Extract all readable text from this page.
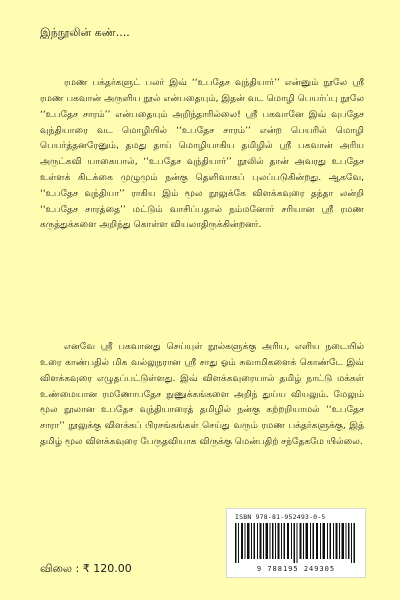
இந்நூலின் கண்....

ரமண பக்தர்களுட் பலர் இவ் ‘‘உபதேச வுந்தியார்’’ என்னும் நூலே ஸ்ரீ ரமண பகவான் அருளிய நூல் என்பதையும், இதன் வட மொழி பெயர்ப்பு நூலே ‘‘உபதேச சாரம்’’ என்பதையும் அறிந்தாரில்லை! ஸ்ரீ பகவானே இவ் வுபதேச வுந்தியாரை வட மொழியில் ‘‘உபதேச சாரம்’’ என்ற பெயரில் மொழி பெயர்த்தனரேனும், தமது தாய் மொழியாகிய தமிழில் ஸ்ரீ பகவான் அரிய அருட்கவி யாகையால், ‘‘உபதேச வுந்தியார்’’ நூலில் தான் அவரது உபதேச உள்ளக் கிடக்கை முழுமும் நன்கு தெளிவாகப் புலப்படுகின்றது. ஆகவே, ‘‘உபதேச வுந்தியா’’ ராகிய இம் மூல நூலுக்கே விளக்கவுரை தந்தா லன்றி ‘‘உபதேச சாரத்தை’’ மட்டும் வாசிப்பதால் நம்மனோர் சரியான ஸ்ரீ ரமண கருத்துக்களை அறிந்து கொள்ள வியலாதிருக்கின்றனர்.

எனவே ஸ்ரீ பகவானது செய்யுள் நூல்களுக்கு அரிய, எளிய நடையில் உரை காண்பதில் மிக வல்லுநரான ஸ்ரீ சாது ஓம் சுவாமிகளைக் கொண்டே இவ் விளக்கவுரை எழுதப்பட்டுள்ளது. இவ் விளக்கவுரையால் தமிழ் நாட்டு மக்கள் உண்மையான ரமணோபதேச நுணுக்கங்களை அறிந் துய்ய வியலும். மேலும் மூல நூலான உபதேச வுந்தியாரைத் தமிழில் நன்கு கற்றறியாமல் ‘‘உபதேச சாரா’’ நூலுக்கு விளக்கப் பிரசங்கங்கள் செய்து வரும் ரமண பக்தர்களுக்கு, இத் தமிழ் மூல விளக்கவுரை பேருதவியாக விருக்கு மென்பதிற் சந்தேகமே யில்லை.

ISBN 978-81-952493-0-5
9 788195 249305
விலை : ₹ 120.00
